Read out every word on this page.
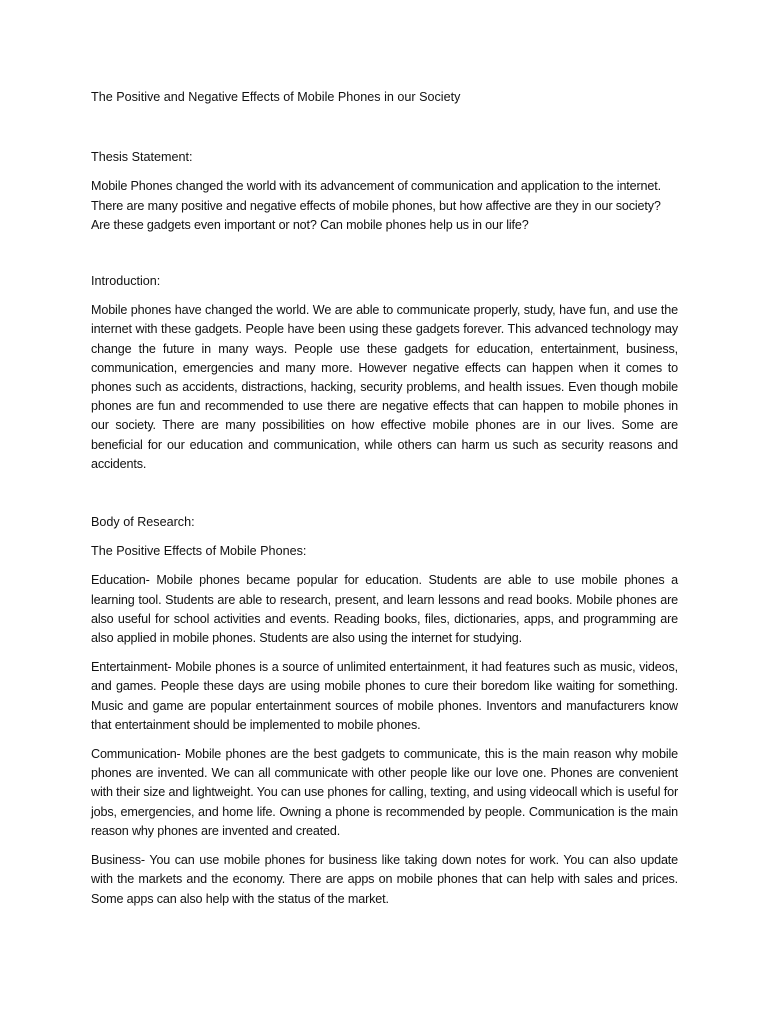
The Positive and Negative Effects of Mobile Phones in our Society

Thesis Statement:

Mobile Phones changed the world with its advancement of communication and application to the internet. There are many positive and negative effects of mobile phones, but how affective are they in our society? Are these gadgets even important or not? Can mobile phones help us in our life?

Introduction:

Mobile phones have changed the world. We are able to communicate properly, study, have fun, and use the internet with these gadgets. People have been using these gadgets forever. This advanced technology may change the future in many ways. People use these gadgets for education, entertainment, business, communication, emergencies and many more. However negative effects can happen when it comes to phones such as accidents, distractions, hacking, security problems, and health issues. Even though mobile phones are fun and recommended to use there are negative effects that can happen to mobile phones in our society. There are many possibilities on how effective mobile phones are in our lives. Some are beneficial for our education and communication, while others can harm us such as security reasons and accidents.

Body of Research:

The Positive Effects of Mobile Phones:

Education- Mobile phones became popular for education. Students are able to use mobile phones a learning tool. Students are able to research, present, and learn lessons and read books. Mobile phones are also useful for school activities and events. Reading books, files, dictionaries, apps, and programming are also applied in mobile phones. Students are also using the internet for studying.

Entertainment- Mobile phones is a source of unlimited entertainment, it had features such as music, videos, and games. People these days are using mobile phones to cure their boredom like waiting for something. Music and game are popular entertainment sources of mobile phones. Inventors and manufacturers know that entertainment should be implemented to mobile phones.

Communication- Mobile phones are the best gadgets to communicate, this is the main reason why mobile phones are invented. We can all communicate with other people like our love one. Phones are convenient with their size and lightweight. You can use phones for calling, texting, and using videocall which is useful for jobs, emergencies, and home life. Owning a phone is recommended by people. Communication is the main reason why phones are invented and created.

Business- You can use mobile phones for business like taking down notes for work. You can also update with the markets and the economy. There are apps on mobile phones that can help with sales and prices. Some apps can also help with the status of the market.
